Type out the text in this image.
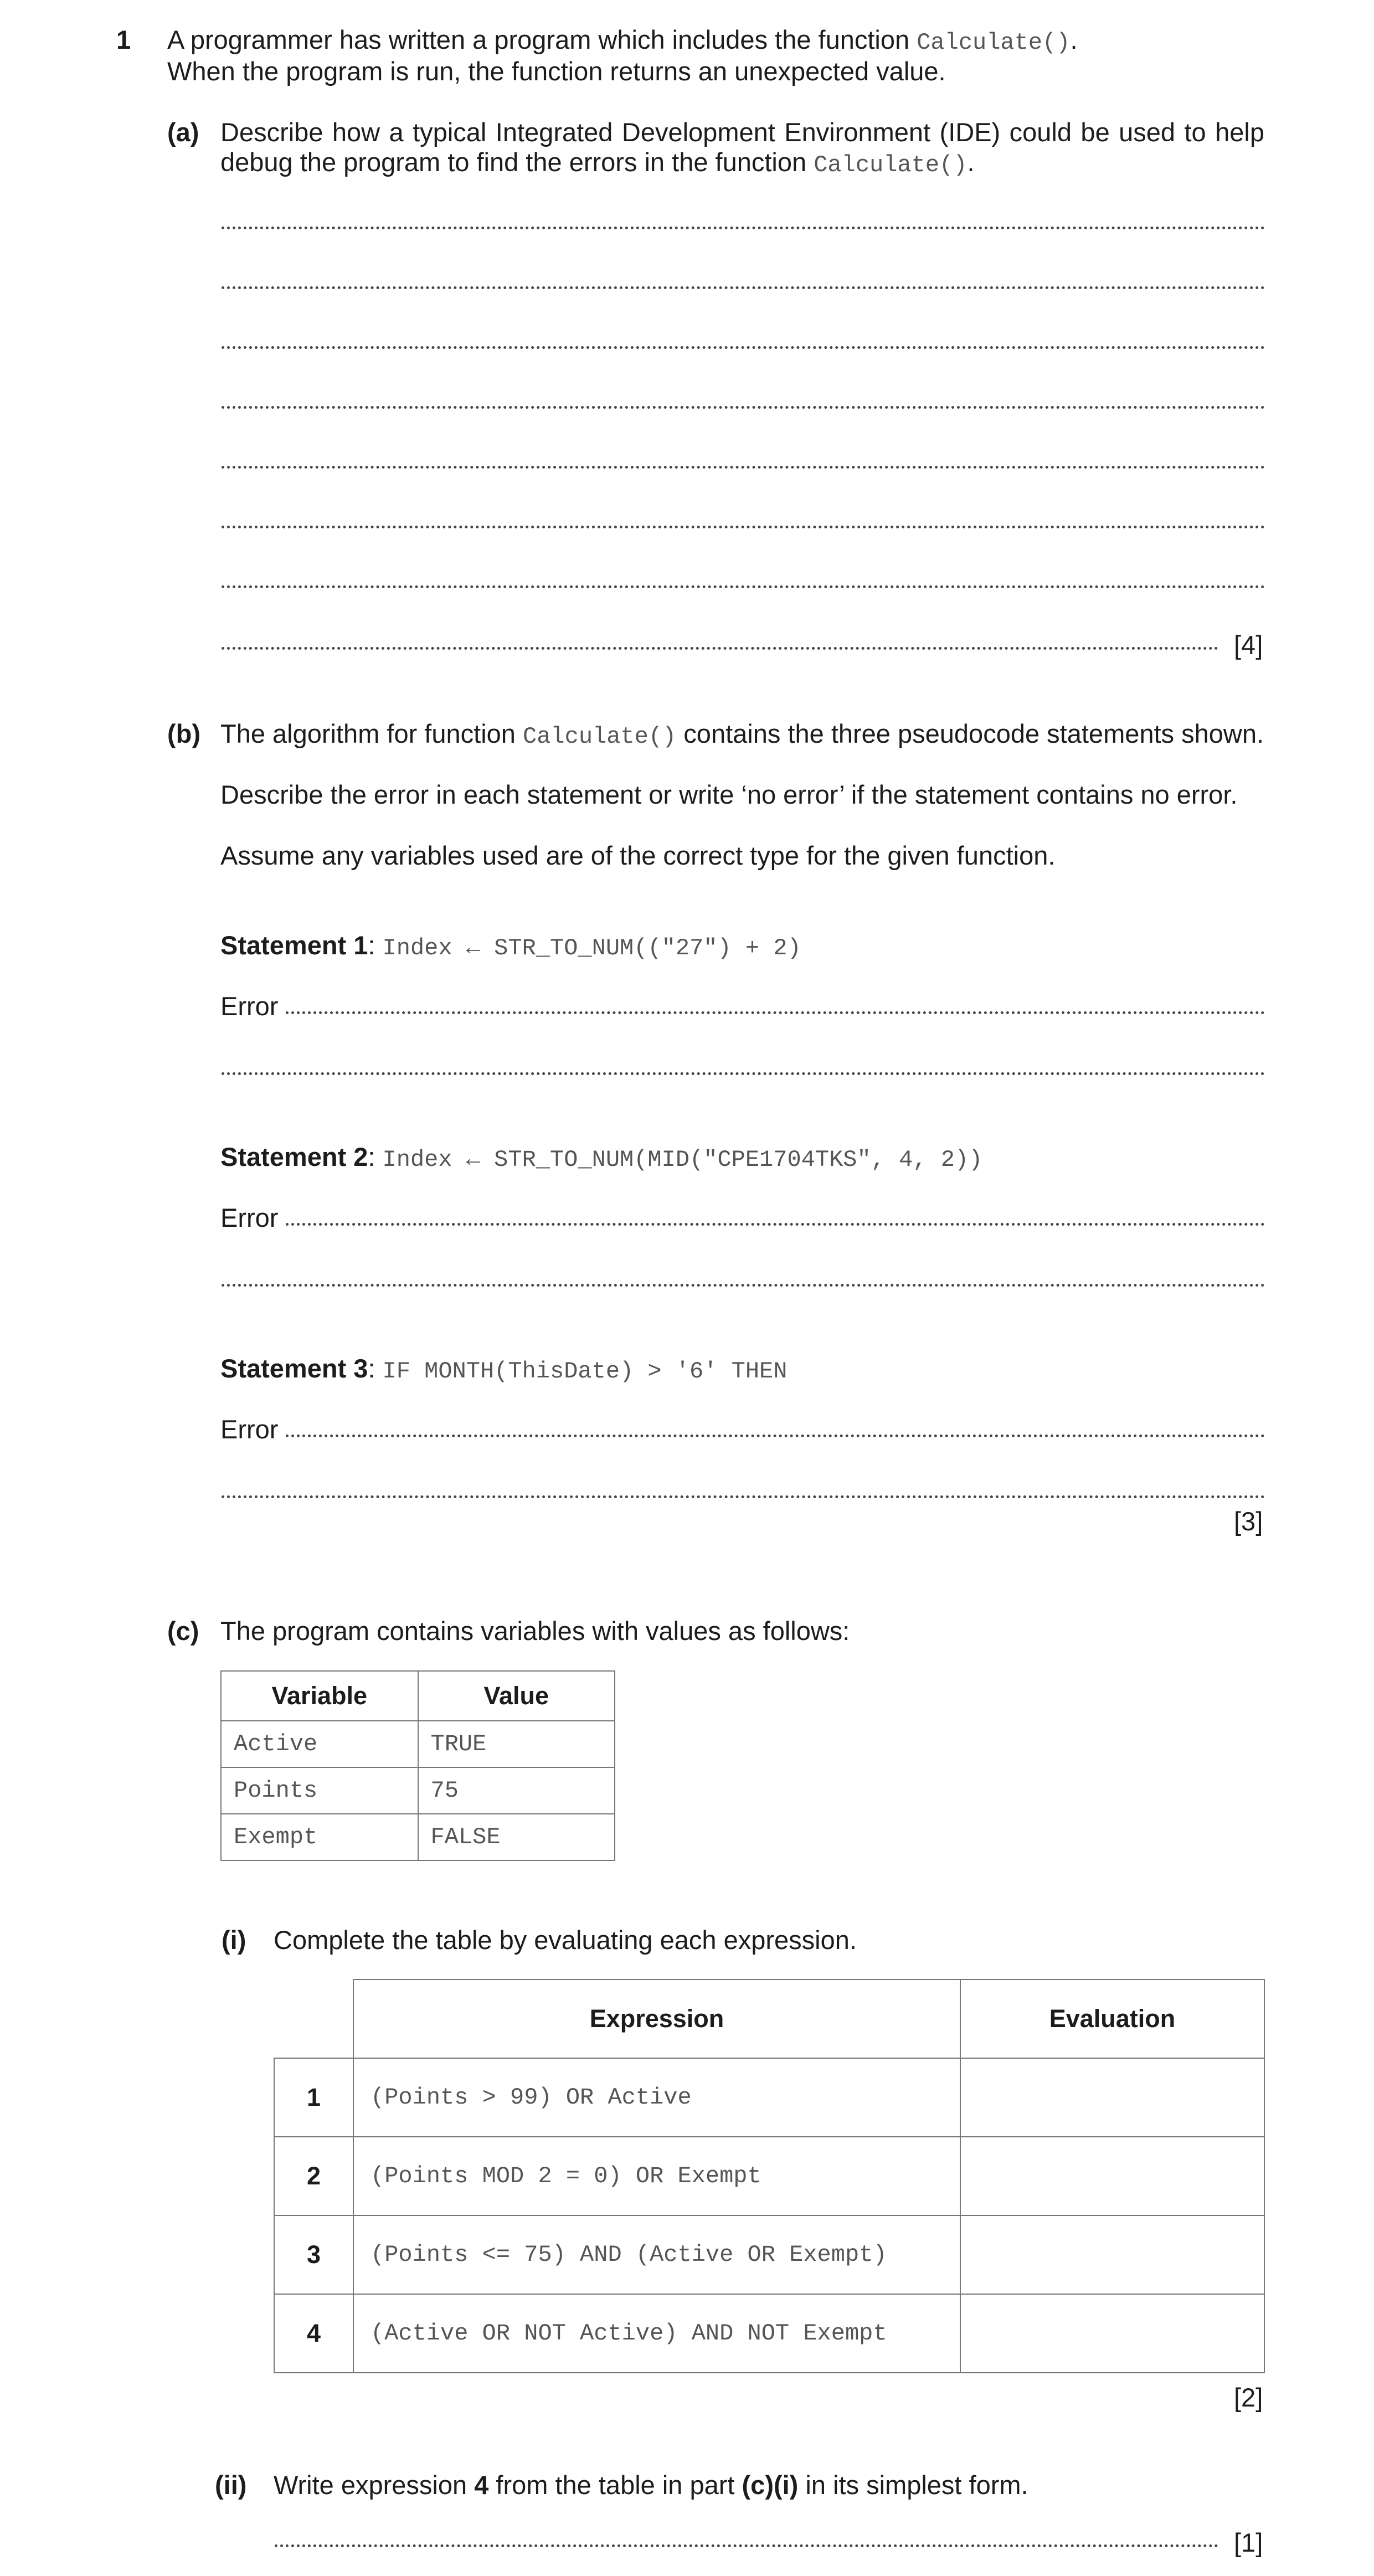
1 A programmer has written a program which includes the function Calculate().
When the program is run, the function returns an unexpected value.
(a) Describe how a typical Integrated Development Environment (IDE) could be used to help
debug the program to find the errors in the function Calculate().
[4]
(b) The algorithm for function Calculate() contains the three pseudocode statements shown.
Describe the error in each statement or write ‘no error’ if the statement contains no error.
Assume any variables used are of the correct type for the given function.
Statement 1: Index ← STR_TO_NUM(("27") + 2)
Error
Statement 2: Index ← STR_TO_NUM(MID("CPE1704TKS", 4, 2))
Error
Statement 3: IF MONTH(ThisDate) > '6' THEN
Error
[3]
(c) The program contains variables with values as follows:
Variable	Value
Active	TRUE
Points	75
Exempt	FALSE
(i) Complete the table by evaluating each expression.
	Expression	Evaluation
1	(Points > 99) OR Active	
2	(Points MOD 2 = 0) OR Exempt	
3	(Points <= 75) AND (Active OR Exempt)	
4	(Active OR NOT Active) AND NOT Exempt	
[2]
(ii) Write expression 4 from the table in part (c)(i) in its simplest form.
[1]
